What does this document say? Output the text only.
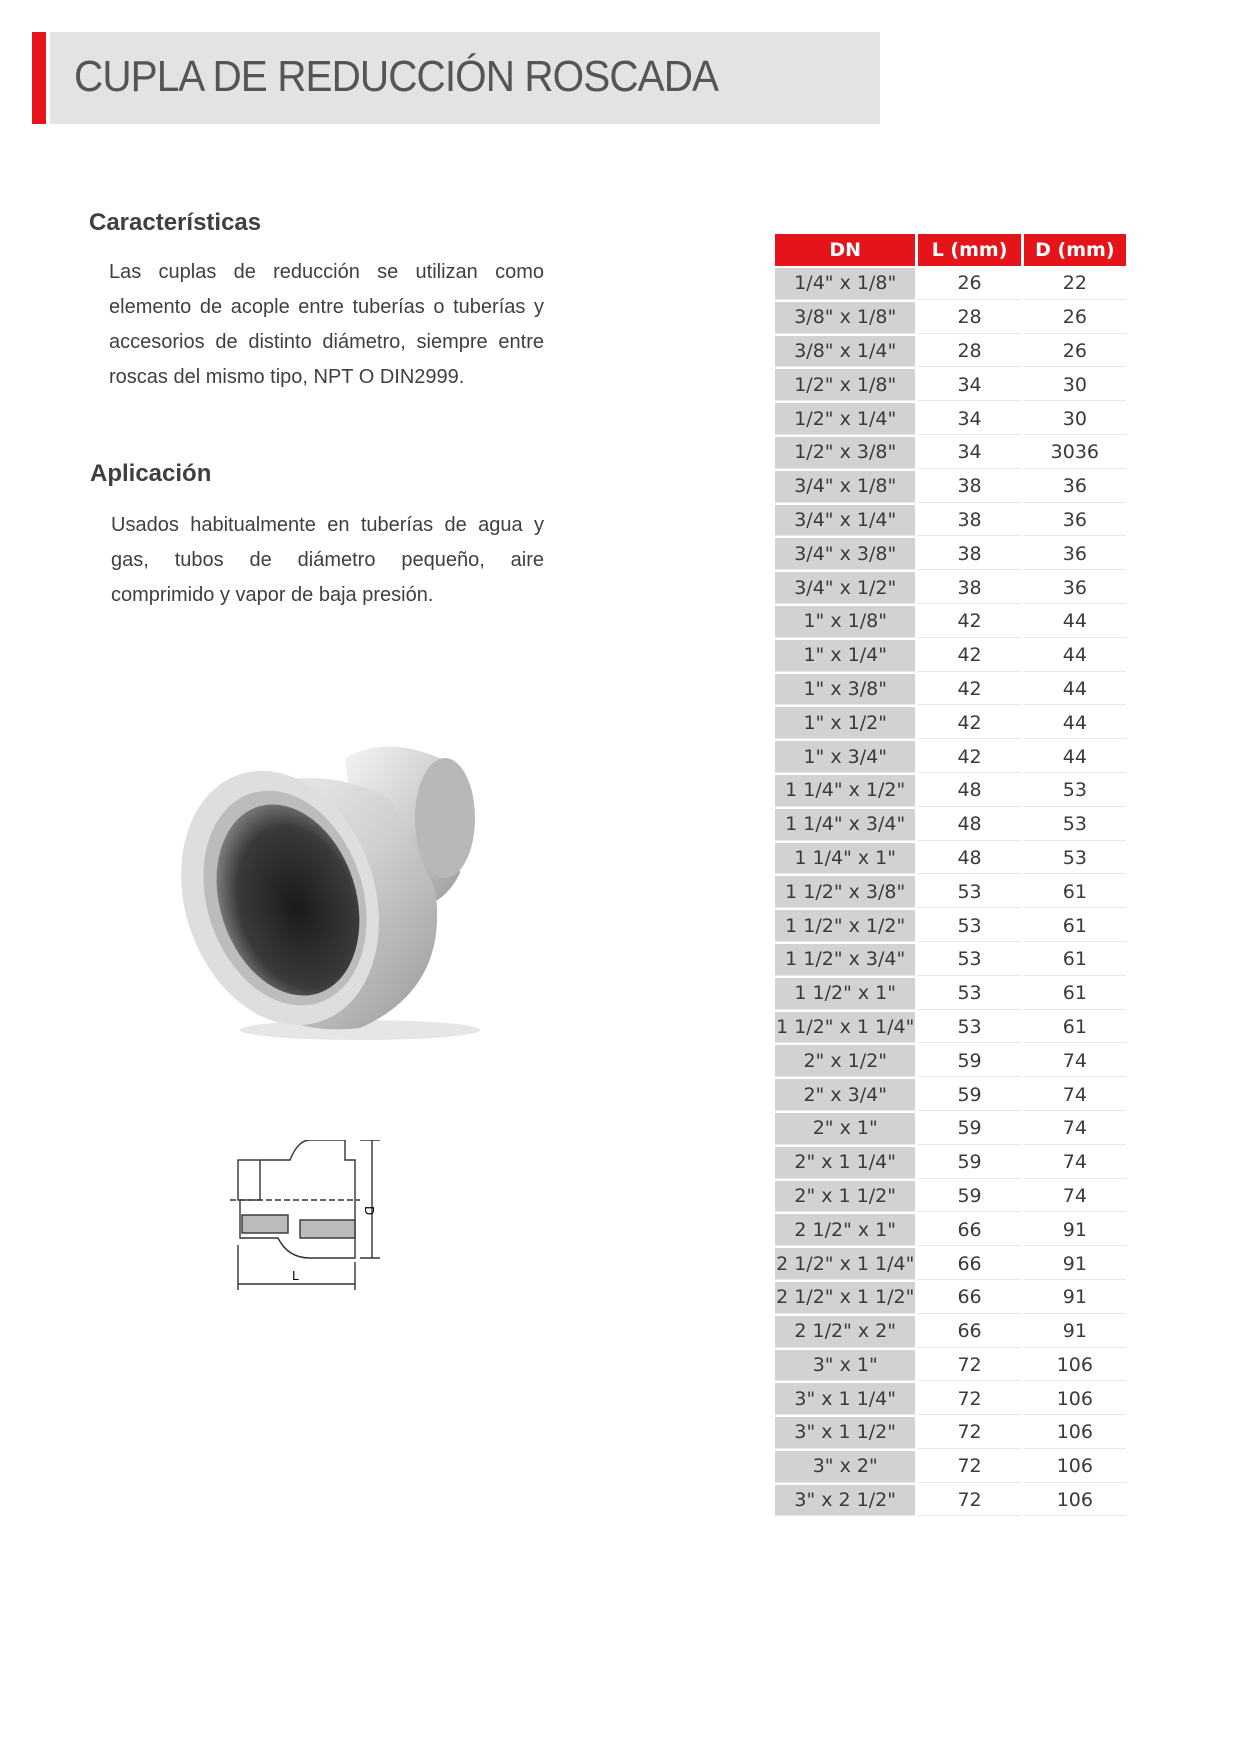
CUPLA DE REDUCCIÓN ROSCADA
Características
Las cuplas de reducción se utilizan como elemento de acople entre tuberías o tuberías y accesorios de distinto diámetro, siempre entre roscas del mismo tipo, NPT O DIN2999.
Aplicación
Usados habitualmente en tuberías de agua y gas, tubos de diámetro pequeño, aire comprimido y vapor de baja presión.
D
L
DN	L (mm)	D (mm)
1/4" x 1/8"	26	22
3/8" x 1/8"	28	26
3/8" x 1/4"	28	26
1/2" x 1/8"	34	30
1/2" x 1/4"	34	30
1/2" x 3/8"	34	3036
3/4" x 1/8"	38	36
3/4" x 1/4"	38	36
3/4" x 3/8"	38	36
3/4" x 1/2"	38	36
1" x 1/8"	42	44
1" x 1/4"	42	44
1" x 3/8"	42	44
1" x 1/2"	42	44
1" x 3/4"	42	44
1 1/4" x 1/2"	48	53
1 1/4" x 3/4"	48	53
1 1/4" x 1"	48	53
1 1/2" x 3/8"	53	61
1 1/2" x 1/2"	53	61
1 1/2" x 3/4"	53	61
1 1/2" x 1"	53	61
1 1/2" x 1 1/4"	53	61
2" x 1/2"	59	74
2" x 3/4"	59	74
2" x 1"	59	74
2" x 1 1/4"	59	74
2" x 1 1/2"	59	74
2 1/2" x 1"	66	91
2 1/2" x 1 1/4"	66	91
2 1/2" x 1 1/2"	66	91
2 1/2" x 2"	66	91
3" x 1"	72	106
3" x 1 1/4"	72	106
3" x 1 1/2"	72	106
3" x 2"	72	106
3" x 2 1/2"	72	106
